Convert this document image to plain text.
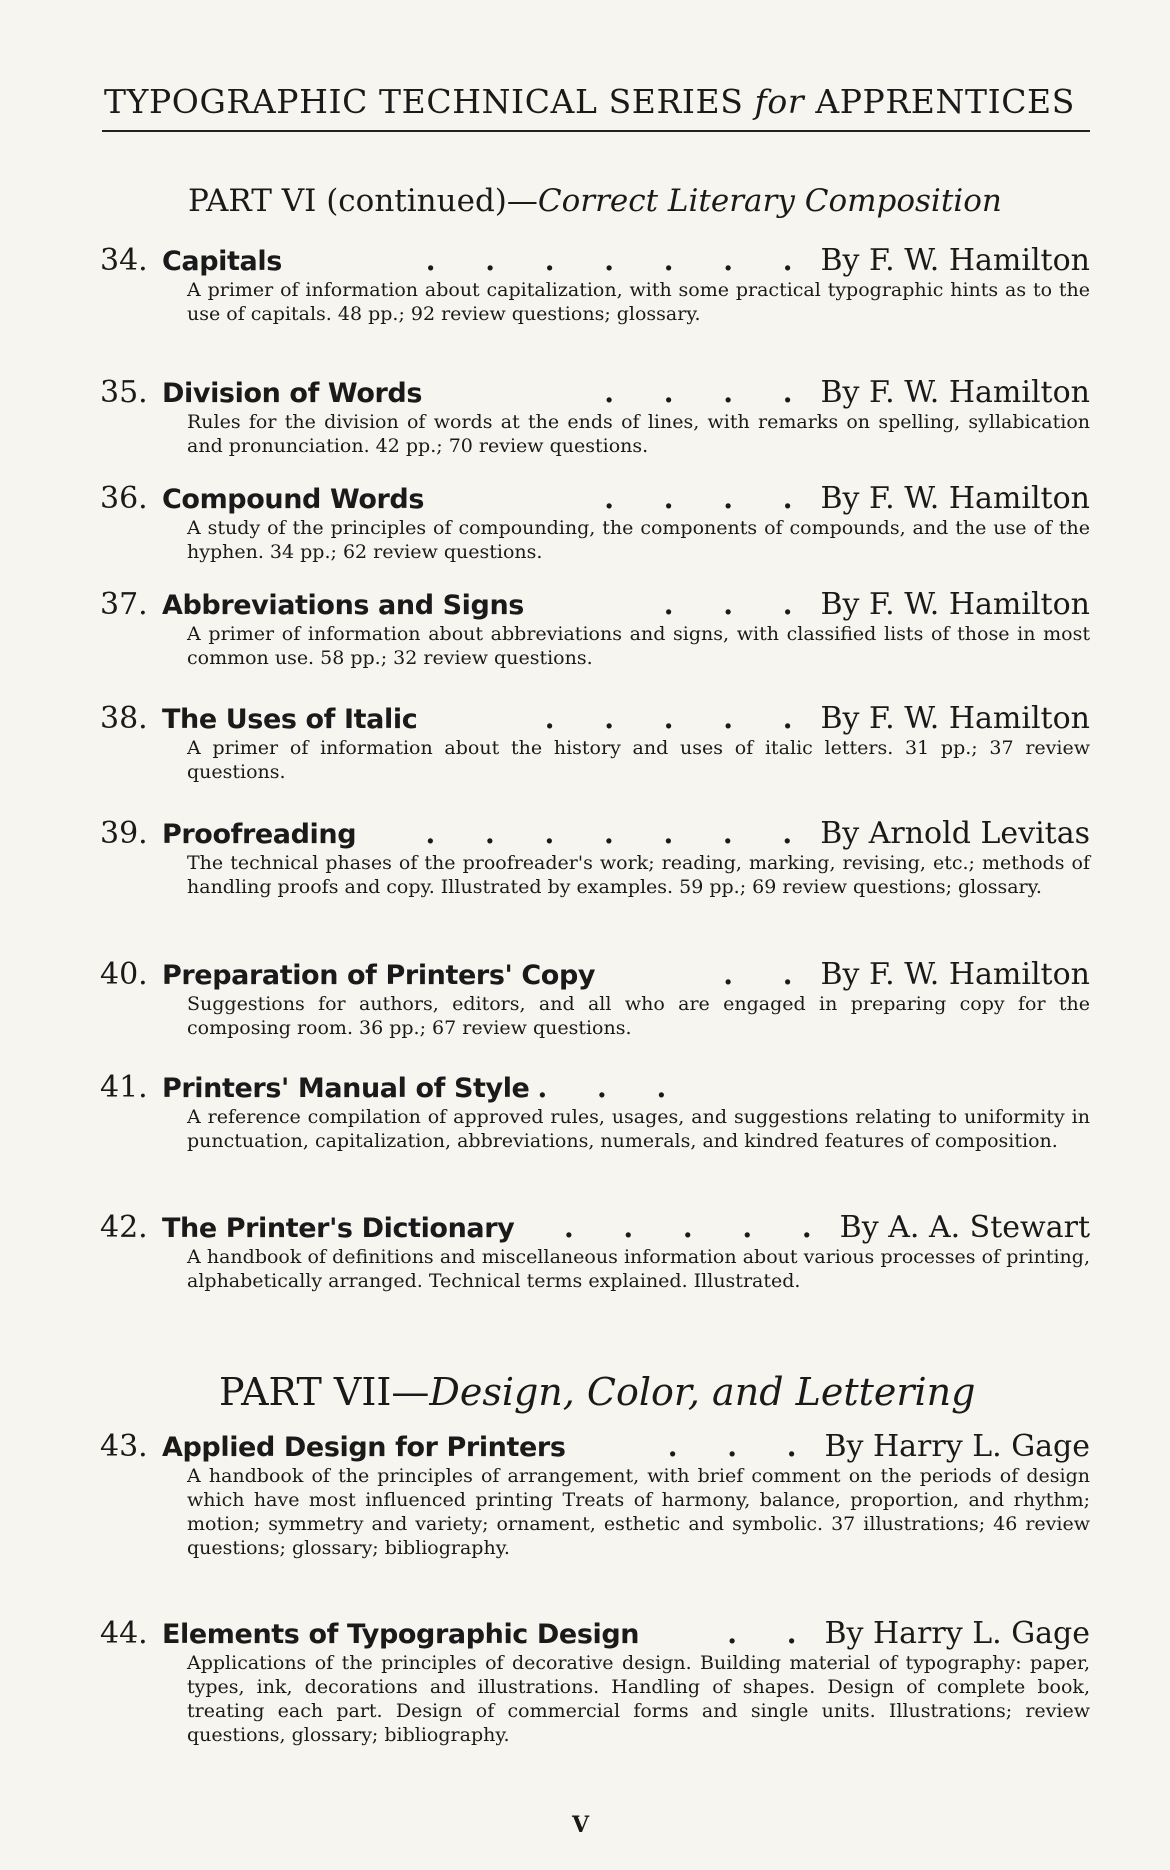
TYPOGRAPHIC TECHNICAL SERIES for APPRENTICES
PART VI (continued)—Correct Literary Composition
34. Capitals	. . . . . . . By F. W. Hamilton
A primer of information about capitalization, with some practical typographic hints as to the use of capitals. 48 pp.; 92 review questions; glossary.
35. Division of Words	. . . . By F. W. Hamilton
Rules for the division of words at the ends of lines, with remarks on spelling, syllabication and pronunciation. 42 pp.; 70 review questions.
36. Compound Words	. . . . By F. W. Hamilton
A study of the principles of compounding, the components of compounds, and the use of the hyphen. 34 pp.; 62 review questions.
37. Abbreviations and Signs	. . . By F. W. Hamilton
A primer of information about abbreviations and signs, with classified lists of those in most common use. 58 pp.; 32 review questions.
38. The Uses of Italic	. . . . . By F. W. Hamilton
A primer of information about the history and uses of italic letters. 31 pp.; 37 review questions.
39. Proofreading	. . . . . . . By Arnold Levitas
The technical phases of the proofreader's work; reading, marking, revising, etc.; methods of handling proofs and copy. Illustrated by examples. 59 pp.; 69 review questions; glossary.
40. Preparation of Printers' Copy	. . By F. W. Hamilton
Suggestions for authors, editors, and all who are engaged in preparing copy for the composing room. 36 pp.; 67 review questions.
41. Printers' Manual of Style . . .
A reference compilation of approved rules, usages, and suggestions relating to uniformity in punctuation, capitalization, abbreviations, numerals, and kindred features of composition.
42. The Printer's Dictionary	. . . . . By A. A. Stewart
A handbook of definitions and miscellaneous information about various processes of printing, alphabetically arranged. Technical terms explained. Illustrated.
PART VII—Design, Color, and Lettering
43. Applied Design for Printers	. . . By Harry L. Gage
A handbook of the principles of arrangement, with brief comment on the periods of design which have most influenced printing Treats of harmony, balance, proportion, and rhythm; motion; symmetry and variety; ornament, esthetic and symbolic. 37 illustrations; 46 review questions; glossary; bibliography.
44. Elements of Typographic Design	. . By Harry L. Gage
Applications of the principles of decorative design. Building material of typography: paper, types, ink, decorations and illustrations. Handling of shapes. Design of complete book, treating each part. Design of commercial forms and single units. Illustrations; review questions, glossary; bibliography.
V
